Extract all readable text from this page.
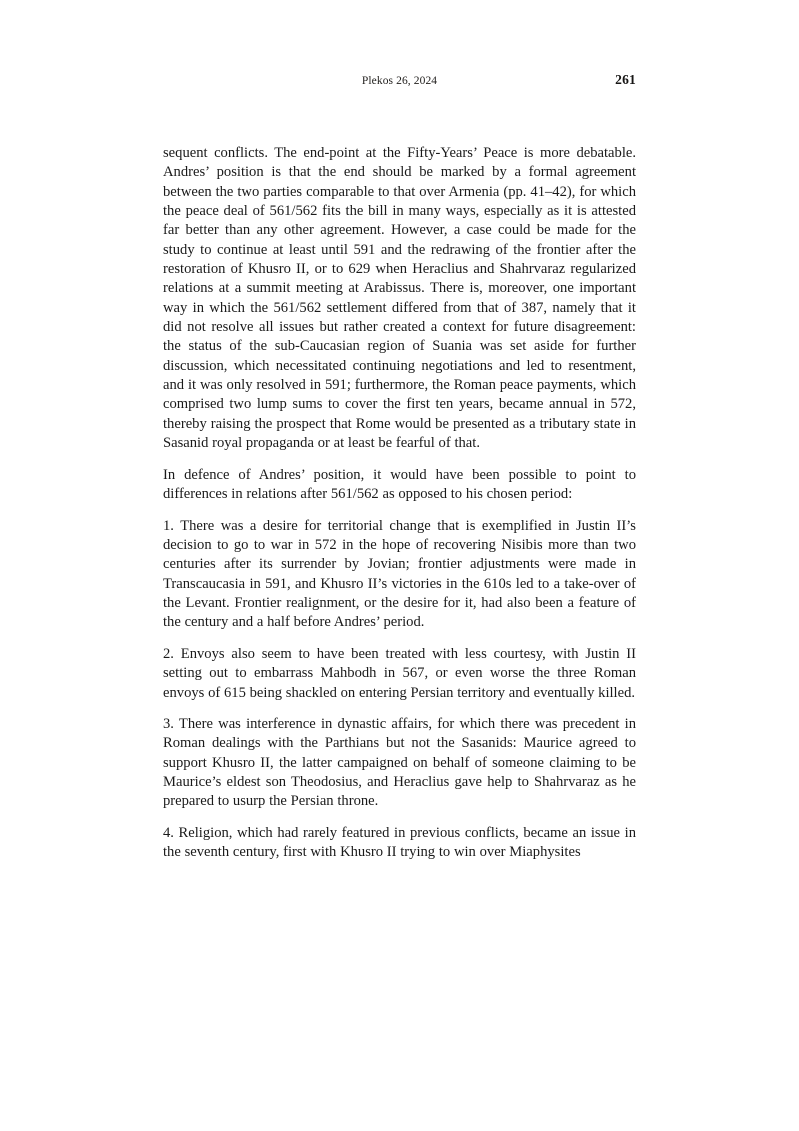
Plekos 26, 2024	261

sequent conflicts. The end-point at the Fifty-Years’ Peace is more debatable. Andres’ position is that the end should be marked by a formal agreement between the two parties comparable to that over Armenia (pp. 41–42), for which the peace deal of 561/562 fits the bill in many ways, especially as it is attested far better than any other agreement. However, a case could be made for the study to continue at least until 591 and the redrawing of the frontier after the restoration of Khusro II, or to 629 when Heraclius and Shahrvaraz regularized relations at a summit meeting at Arabissus. There is, moreover, one important way in which the 561/562 settlement differed from that of 387, namely that it did not resolve all issues but rather created a context for future disagreement: the status of the sub-Caucasian region of Suania was set aside for further discussion, which necessitated continuing negotiations and led to resentment, and it was only resolved in 591; furthermore, the Roman peace payments, which comprised two lump sums to cover the first ten years, became annual in 572, thereby raising the prospect that Rome would be presented as a tributary state in Sasanid royal propaganda or at least be fearful of that.

In defence of Andres’ position, it would have been possible to point to differences in relations after 561/562 as opposed to his chosen period:

1. There was a desire for territorial change that is exemplified in Justin II’s decision to go to war in 572 in the hope of recovering Nisibis more than two centuries after its surrender by Jovian; frontier adjustments were made in Transcaucasia in 591, and Khusro II’s victories in the 610s led to a take-over of the Levant. Frontier realignment, or the desire for it, had also been a feature of the century and a half before Andres’ period.

2. Envoys also seem to have been treated with less courtesy, with Justin II setting out to embarrass Mahbodh in 567, or even worse the three Roman envoys of 615 being shackled on entering Persian territory and eventually killed.

3. There was interference in dynastic affairs, for which there was precedent in Roman dealings with the Parthians but not the Sasanids: Maurice agreed to support Khusro II, the latter campaigned on behalf of someone claiming to be Maurice’s eldest son Theodosius, and Heraclius gave help to Shahrvaraz as he prepared to usurp the Persian throne.

4. Religion, which had rarely featured in previous conflicts, became an issue in the seventh century, first with Khusro II trying to win over Miaphysites
